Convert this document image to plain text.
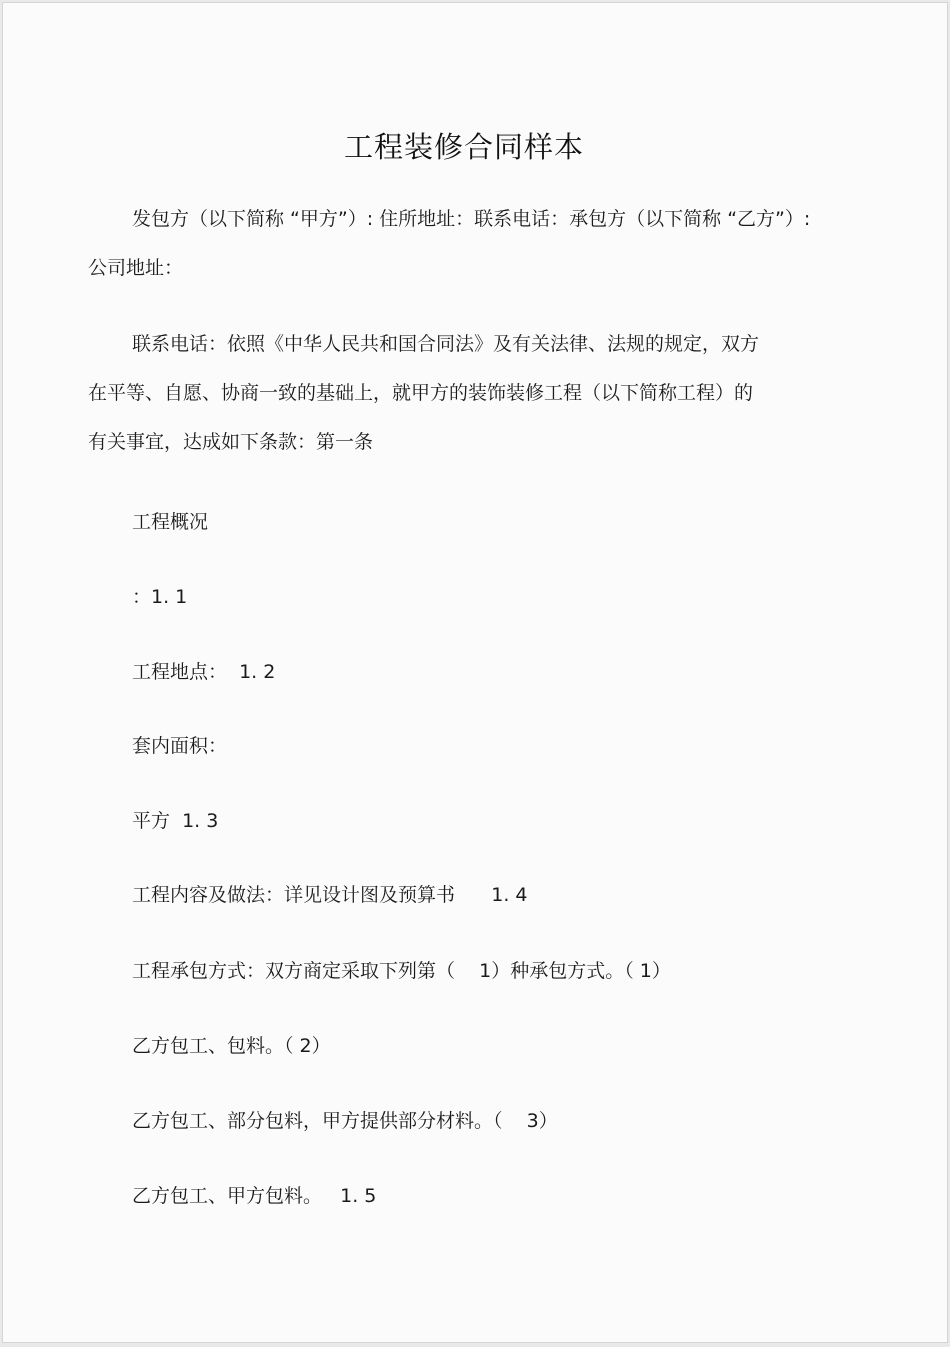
工程装修合同样本
发包方（以下简称 “甲方”）: 住所地址：联系电话：承包方（以下简称 “乙方”）:
公司地址：
联系电话：依照《中华人民共和国合同法》及有关法律、法规的规定，双方
在平等、自愿、协商一致的基础上，就甲方的装饰装修工程（以下简称工程）的
有关事宜，达成如下条款：第一条
工程概况
：1. 1
工程地点：  1. 2
套内面积：
平方  1. 3
工程内容及做法：详见设计图及预算书      1. 4
工程承包方式：双方商定采取下列第（    1）种承包方式。（ 1）
乙方包工、包料。（ 2）
乙方包工、部分包料，甲方提供部分材料。（    3）
乙方包工、甲方包料。   1. 5
